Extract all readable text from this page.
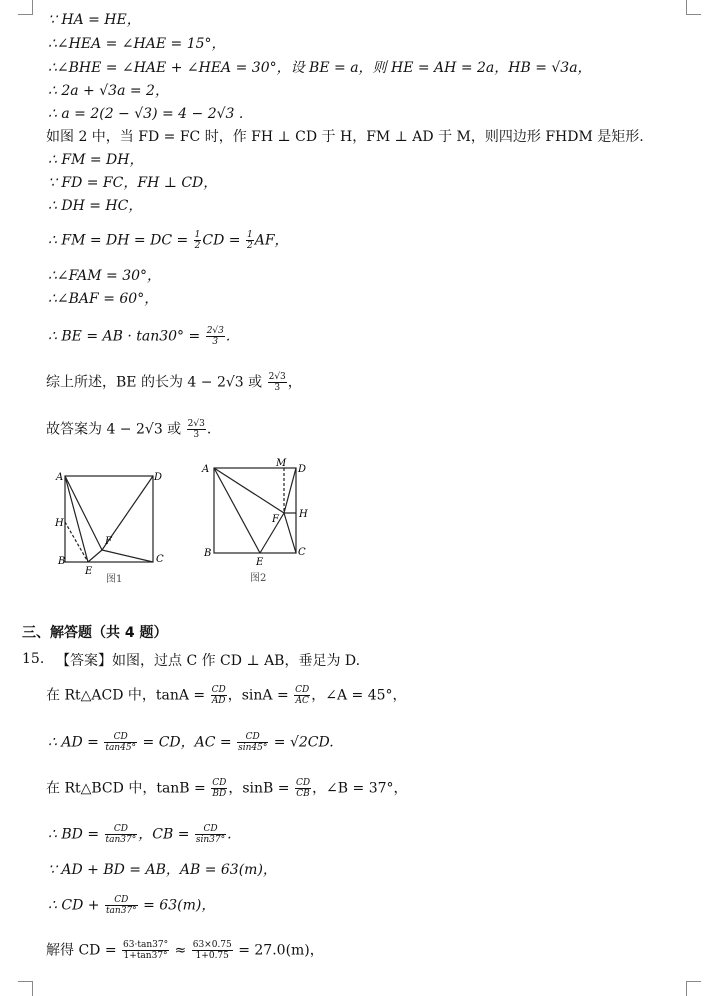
∵ HA = HE，
∴∠HEA = ∠HAE = 15°，
∴∠BHE = ∠HAE + ∠HEA = 30°，设 BE = a，则 HE = AH = 2a，HB = √3a，
∴ 2a + √3a = 2，
∴ a = 2(2 − √3) = 4 − 2√3 .
如图 2 中，当 FD = FC 时，作 FH ⊥ CD 于 H，FM ⊥ AD 于 M，则四边形 FHDM 是矩形.
∴ FM = DH，
∵ FD = FC，FH ⊥ CD，
∴ DH = HC，
∴ FM = DH = DC = $\frac{1}{2}$ CD = $\frac{1}{2}$ AF，
∴∠FAM = 30°，
∴∠BAF = 60°，
∴ BE = AB · $\tan 30^\circ = \frac{2√3}{3}$ .
综上所述，BE 的长为 4 − 2√3 或 $\frac{2√3}{3}$ ，
故答案为 4 − 2√3 或 $\frac{2√3}{3}$ .
A	D
H
F
B
E
C
图1
A
M
D
F H
B
E
C
图2
三、解答题（共 4 题）
15. 【答案】如图，过点 C 作 CD ⊥ AB，垂足为 D.
在 Rt△ACD 中，$\tan A = \frac{CD}{AD}$ ，$\sin A = \frac{CD}{AC}$ ，∠A = 45°，
∴ AD = $\frac{CD}{\tan 45^\circ}$ = CD，AC = $\frac{CD}{\sin 45^\circ} = √2CD$.
在 Rt△BCD 中，$\tan B = \frac{CD}{BD}$ ，$\sin B = \frac{CD}{CB}$ ，∠B = 37°，
∴ BD = $\frac{CD}{\tan 37^\circ}$ ，CB = $\frac{CD}{\sin 37^\circ}$ .
∵ AD + BD = AB，AB = 63(m)，
∴ CD + $\frac{CD}{\tan 37^\circ} = 63(m)$，
解得 CD = $\frac{63\cdot\tan 37^\circ}{1+\tan 37^\circ} \approx \frac{63\times 0.75}{1+0.75} = 27.0(m)$，
